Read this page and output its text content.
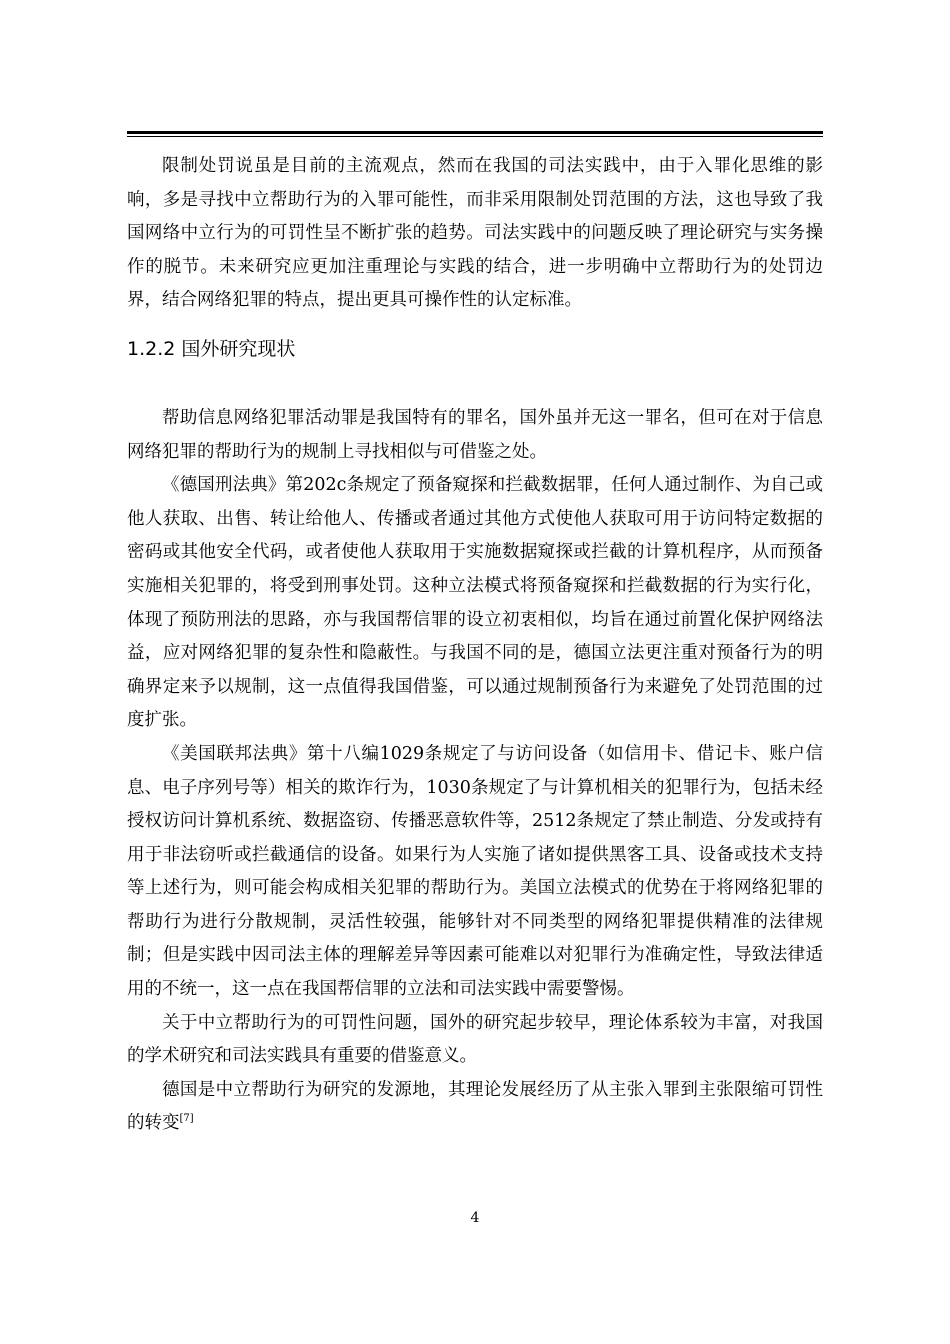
限制处罚说虽是目前的主流观点，然而在我国的司法实践中，由于入罪化思维的影响，多是寻找中立帮助行为的入罪可能性，而非采用限制处罚范围的方法，这也导致了我国网络中立行为的可罚性呈不断扩张的趋势。司法实践中的问题反映了理论研究与实务操作的脱节。未来研究应更加注重理论与实践的结合，进一步明确中立帮助行为的处罚边界，结合网络犯罪的特点，提出更具可操作性的认定标准。

1.2.2 国外研究现状

帮助信息网络犯罪活动罪是我国特有的罪名，国外虽并无这一罪名，但可在对于信息网络犯罪的帮助行为的规制上寻找相似与可借鉴之处。

《德国刑法典》第202c条规定了预备窥探和拦截数据罪，任何人通过制作、为自己或他人获取、出售、转让给他人、传播或者通过其他方式使他人获取可用于访问特定数据的密码或其他安全代码，或者使他人获取用于实施数据窥探或拦截的计算机程序，从而预备实施相关犯罪的，将受到刑事处罚。这种立法模式将预备窥探和拦截数据的行为实行化，体现了预防刑法的思路，亦与我国帮信罪的设立初衷相似，均旨在通过前置化保护网络法益，应对网络犯罪的复杂性和隐蔽性。与我国不同的是，德国立法更注重对预备行为的明确界定来予以规制，这一点值得我国借鉴，可以通过规制预备行为来避免了处罚范围的过度扩张。

《美国联邦法典》第十八编1029条规定了与访问设备（如信用卡、借记卡、账户信息、电子序列号等）相关的欺诈行为，1030条规定了与计算机相关的犯罪行为，包括未经授权访问计算机系统、数据盗窃、传播恶意软件等，2512条规定了禁止制造、分发或持有用于非法窃听或拦截通信的设备。如果行为人实施了诸如提供黑客工具、设备或技术支持等上述行为，则可能会构成相关犯罪的帮助行为。美国立法模式的优势在于将网络犯罪的帮助行为进行分散规制，灵活性较强，能够针对不同类型的网络犯罪提供精准的法律规制；但是实践中因司法主体的理解差异等因素可能难以对犯罪行为准确定性，导致法律适用的不统一，这一点在我国帮信罪的立法和司法实践中需要警惕。

关于中立帮助行为的可罚性问题，国外的研究起步较早，理论体系较为丰富，对我国的学术研究和司法实践具有重要的借鉴意义。

德国是中立帮助行为研究的发源地，其理论发展经历了从主张入罪到主张限缩可罚性的转变[7]

4
